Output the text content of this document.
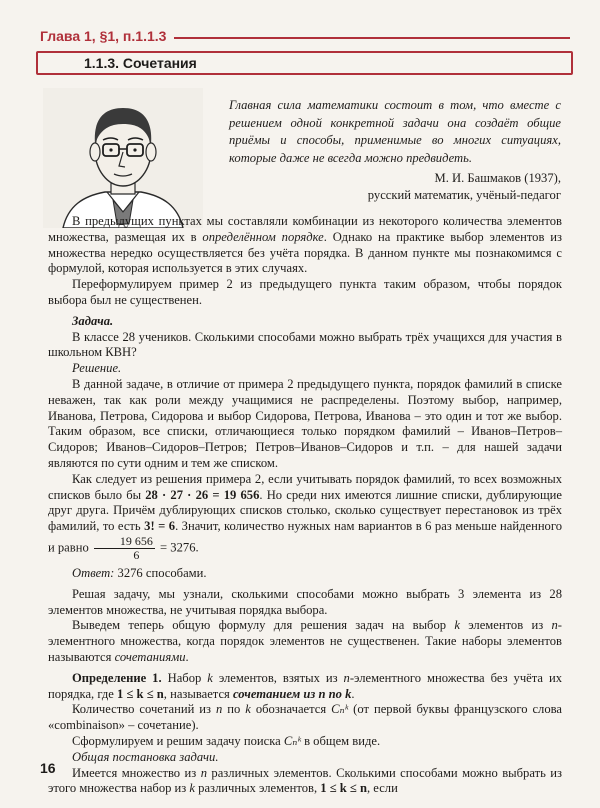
Глава 1, §1, п.1.1.3
1.1.3. Сочетания
Главная сила математики состоит в том, что вместе с решением одной конкретной задачи она создаёт общие приёмы и способы, применимые во многих ситуациях, которые даже не всегда можно предвидеть.
М. И. Башмаков (1937),
русский математик, учёный-педагог

В предыдущих пунктах мы составляли комбинации из некоторого количества элементов множества, размещая их в определённом порядке. Однако на практике выбор элементов из множества нередко осуществляется без учёта порядка. В данном пункте мы познакомимся с формулой, которая используется в этих случаях.

Переформулируем пример 2 из предыдущего пункта таким образом, чтобы порядок выбора был не существенен.

Задача.

В классе 28 учеников. Сколькими способами можно выбрать трёх учащихся для участия в школьном КВН?

Решение.

В данной задаче, в отличие от примера 2 предыдущего пункта, порядок фамилий в списке неважен, так как роли между учащимися не распределены. Поэтому выбор, например, Иванова, Петрова, Сидорова и выбор Сидорова, Петрова, Иванова – это один и тот же выбор. Таким образом, все списки, отличающиеся только порядком фамилий – Иванов–Петров–Сидоров; Иванов–Сидоров–Петров; Петров–Иванов–Сидоров и т.п. – для нашей задачи являются по сути одним и тем же списком.

Как следует из решения примера 2, если учитывать порядок фамилий, то всех возможных списков было бы 28 · 27 · 26 = 19 656. Но среди них имеются лишние списки, дублирующие друг друга. Причём дублирующих списков столько, сколько существует перестановок из трёх фамилий, то есть 3! = 6. Значит, количество нужных нам вариантов в 6 раз меньше найденного и равно $\frac{19 656}{6} = 3276$.

Ответ: 3276 способами.

Решая задачу, мы узнали, сколькими способами можно выбрать 3 элемента из 28 элементов множества, не учитывая порядка выбора.

Выведем теперь общую формулу для решения задач на выбор k элементов из n-элементного множества, когда порядок элементов не существенен. Такие наборы элементов называются сочетаниями.

Определение 1. Набор k элементов, взятых из n-элементного множества без учёта их порядка, где 1 ≤ k ≤ n, называется сочетанием из n по k.

Количество сочетаний из n по k обозначается Cₙᵏ (от первой буквы французского слова «combinaison» – сочетание).

Сформулируем и решим задачу поиска Cₙᵏ в общем виде.

Общая постановка задачи.

Имеется множество из n различных элементов. Сколькими способами можно выбрать из этого множества набор из k различных элементов, 1 ≤ k ≤ n, если

16
